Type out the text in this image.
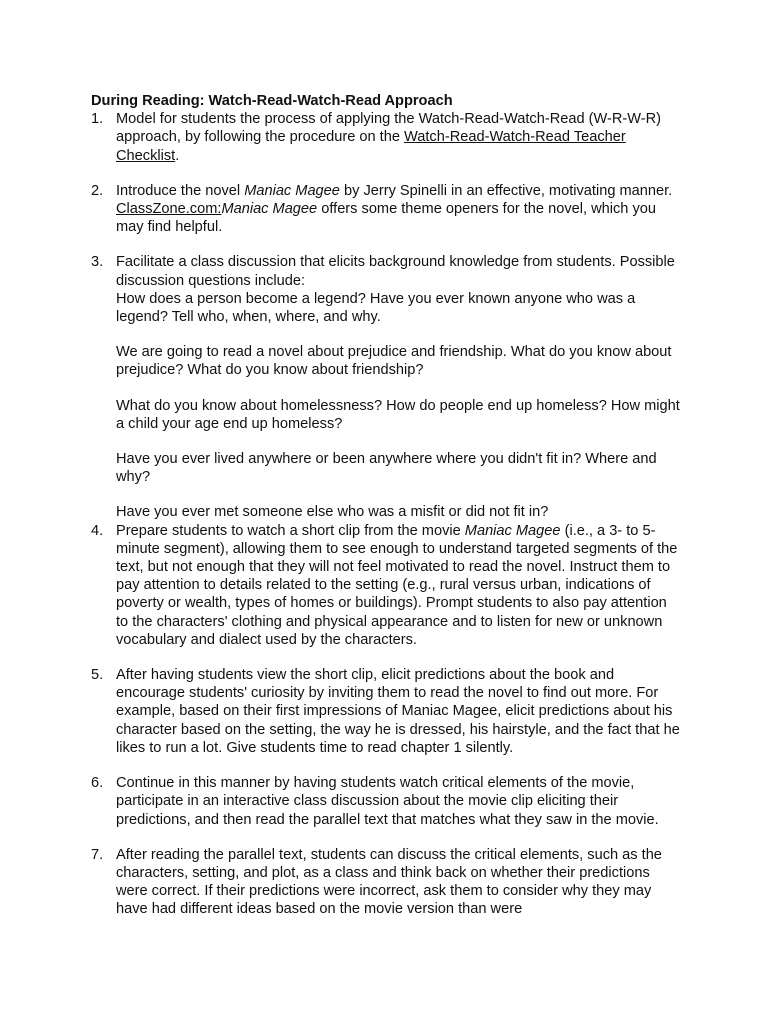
During Reading: Watch-Read-Watch-Read Approach
1. Model for students the process of applying the Watch-Read-Watch-Read (W-R-W-R) approach, by following the procedure on the Watch-Read-Watch-Read Teacher Checklist.

2. Introduce the novel Maniac Magee by Jerry Spinelli in an effective, motivating manner. ClassZone.com:Maniac Magee offers some theme openers for the novel, which you may find helpful.

3. Facilitate a class discussion that elicits background knowledge from students. Possible discussion questions include:

How does a person become a legend? Have you ever known anyone who was a legend? Tell who, when, where, and why.

We are going to read a novel about prejudice and friendship. What do you know about prejudice? What do you know about friendship?

What do you know about homelessness? How do people end up homeless? How might a child your age end up homeless?

Have you ever lived anywhere or been anywhere where you didn't fit in? Where and why?

Have you ever met someone else who was a misfit or did not fit in?

4. Prepare students to watch a short clip from the movie Maniac Magee (i.e., a 3- to 5-minute segment), allowing them to see enough to understand targeted segments of the text, but not enough that they will not feel motivated to read the novel. Instruct them to pay attention to details related to the setting (e.g., rural versus urban, indications of poverty or wealth, types of homes or buildings). Prompt students to also pay attention to the characters' clothing and physical appearance and to listen for new or unknown vocabulary and dialect used by the characters.

5. After having students view the short clip, elicit predictions about the book and encourage students' curiosity by inviting them to read the novel to find out more. For example, based on their first impressions of Maniac Magee, elicit predictions about his character based on the setting, the way he is dressed, his hairstyle, and the fact that he likes to run a lot. Give students time to read chapter 1 silently.

6. Continue in this manner by having students watch critical elements of the movie, participate in an interactive class discussion about the movie clip eliciting their predictions, and then read the parallel text that matches what they saw in the movie.

7. After reading the parallel text, students can discuss the critical elements, such as the characters, setting, and plot, as a class and think back on whether their predictions were correct. If their predictions were incorrect, ask them to consider why they may have had different ideas based on the movie version than were
